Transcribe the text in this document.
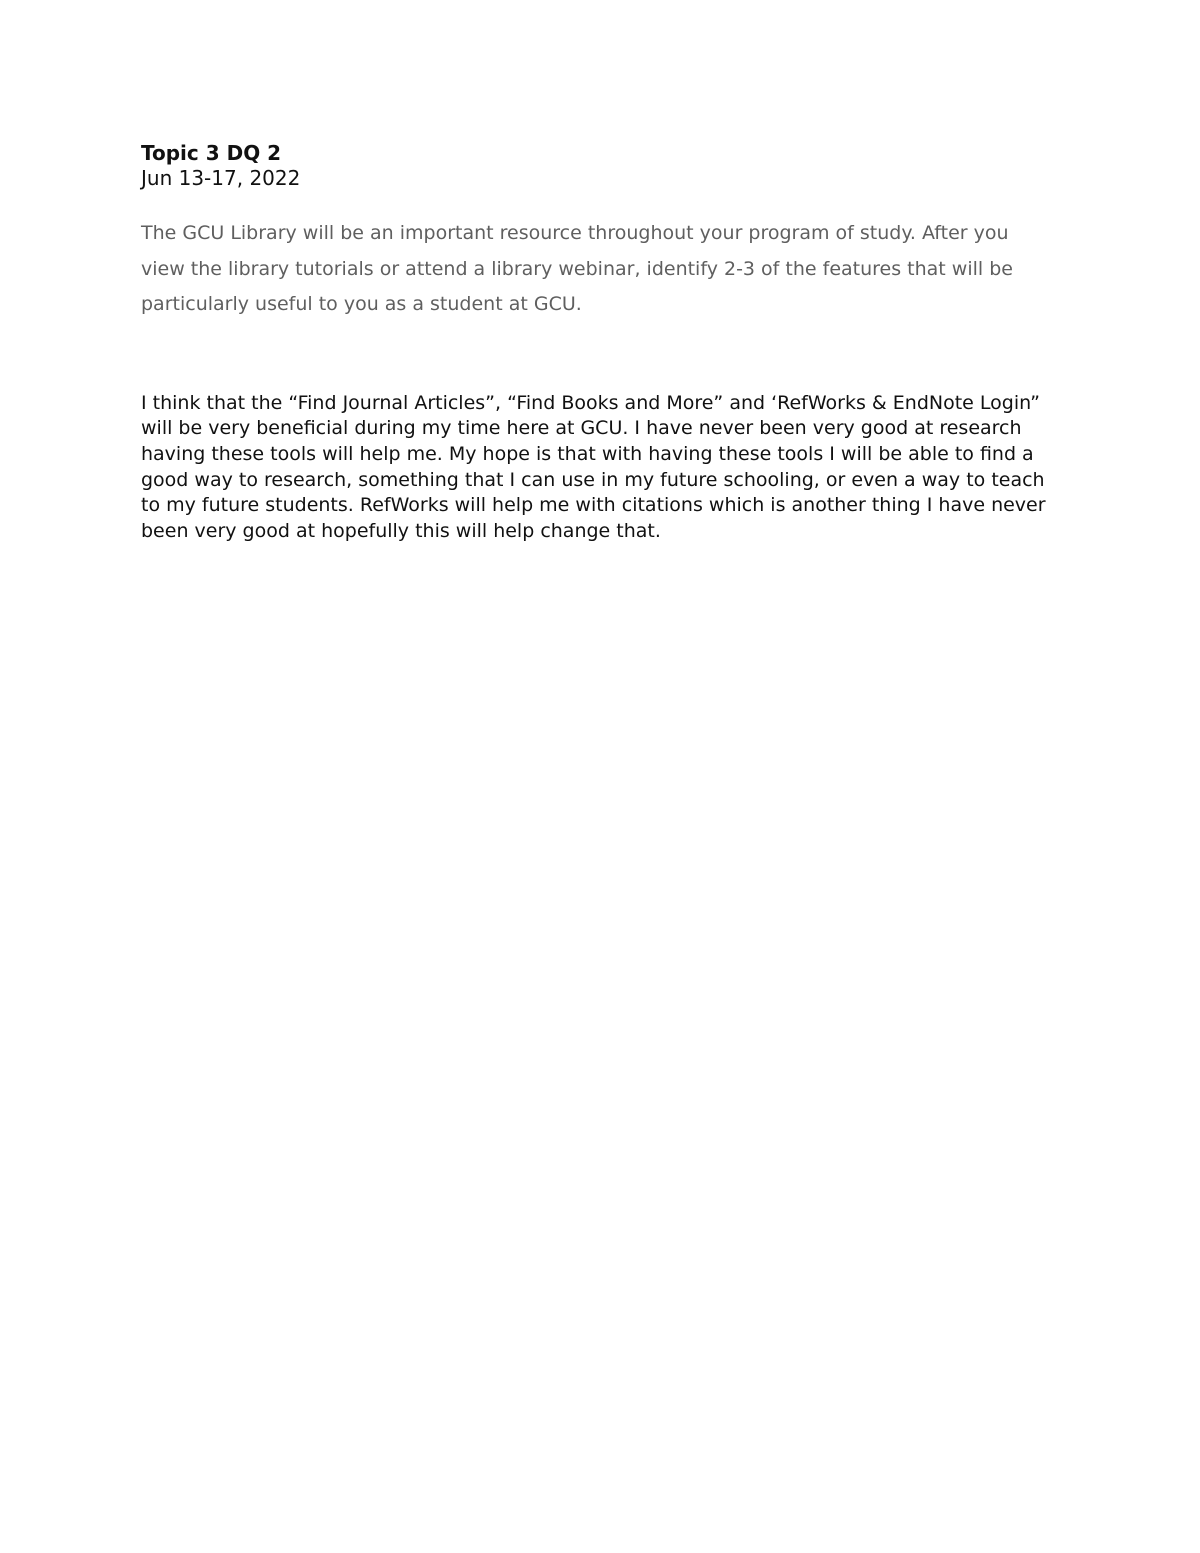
Topic 3 DQ 2

Jun 13-17, 2022

The GCU Library will be an important resource throughout your program of study. After you view the library tutorials or attend a library webinar, identify 2-3 of the features that will be particularly useful to you as a student at GCU.

I think that the “Find Journal Articles”, “Find Books and More” and ‘RefWorks & EndNote Login” will be very beneficial during my time here at GCU. I have never been very good at research having these tools will help me. My hope is that with having these tools I will be able to find a good way to research, something that I can use in my future schooling, or even a way to teach to my future students. RefWorks will help me with citations which is another thing I have never been very good at hopefully this will help change that.
